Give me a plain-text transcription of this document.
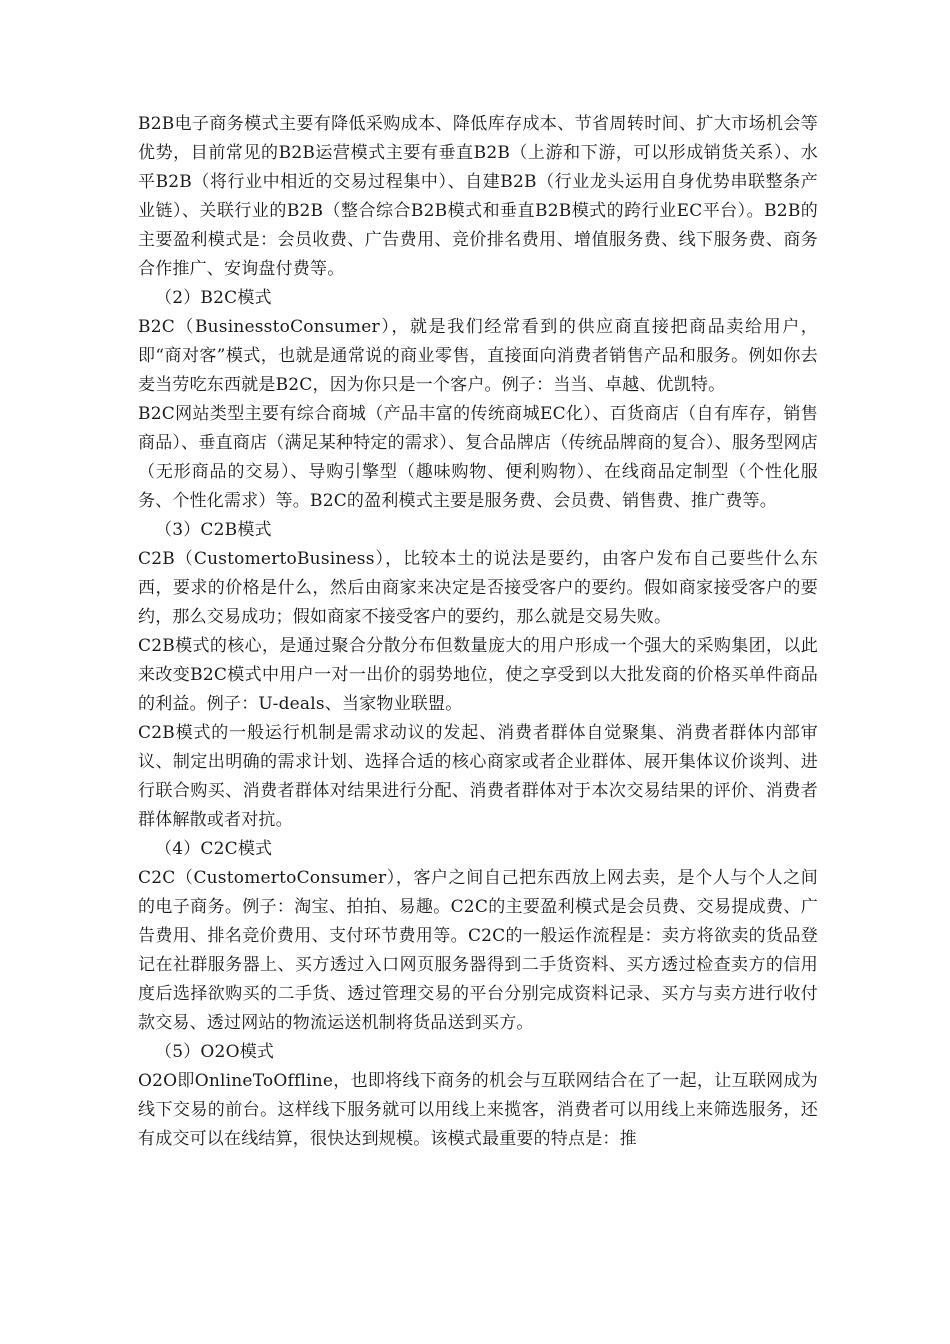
B2B电子商务模式主要有降低采购成本、降低库存成本、节省周转时间、扩大市场机会等优势，目前常见的B2B运营模式主要有垂直B2B（上游和下游，可以形成销货关系）、水平B2B（将行业中相近的交易过程集中）、自建B2B（行业龙头运用自身优势串联整条产业链）、关联行业的B2B（整合综合B2B模式和垂直B2B模式的跨行业EC平台）。B2B的主要盈利模式是：会员收费、广告费用、竞价排名费用、增值服务费、线下服务费、商务合作推广、安询盘付费等。

（2）B2C模式

B2C（BusinesstoConsumer），就是我们经常看到的供应商直接把商品卖给用户，即“商对客”模式，也就是通常说的商业零售，直接面向消费者销售产品和服务。例如你去麦当劳吃东西就是B2C，因为你只是一个客户。例子：当当、卓越、优凯特。

B2C网站类型主要有综合商城（产品丰富的传统商城EC化）、百货商店（自有库存，销售商品）、垂直商店（满足某种特定的需求）、复合品牌店（传统品牌商的复合）、服务型网店（无形商品的交易）、导购引擎型（趣味购物、便利购物）、在线商品定制型（个性化服务、个性化需求）等。B2C的盈利模式主要是服务费、会员费、销售费、推广费等。

（3）C2B模式

C2B（CustomertoBusiness），比较本土的说法是要约，由客户发布自己要些什么东西，要求的价格是什么，然后由商家来决定是否接受客户的要约。假如商家接受客户的要约，那么交易成功；假如商家不接受客户的要约，那么就是交易失败。

C2B模式的核心，是通过聚合分散分布但数量庞大的用户形成一个强大的采购集团，以此来改变B2C模式中用户一对一出价的弱势地位，使之享受到以大批发商的价格买单件商品的利益。例子：U-deals、当家物业联盟。

C2B模式的一般运行机制是需求动议的发起、消费者群体自觉聚集、消费者群体内部审议、制定出明确的需求计划、选择合适的核心商家或者企业群体、展开集体议价谈判、进行联合购买、消费者群体对结果进行分配、消费者群体对于本次交易结果的评价、消费者群体解散或者对抗。

（4）C2C模式

C2C（CustomertoConsumer），客户之间自己把东西放上网去卖，是个人与个人之间的电子商务。例子：淘宝、拍拍、易趣。C2C的主要盈利模式是会员费、交易提成费、广告费用、排名竞价费用、支付环节费用等。C2C的一般运作流程是：卖方将欲卖的货品登记在社群服务器上、买方透过入口网页服务器得到二手货资料、买方透过检查卖方的信用度后选择欲购买的二手货、透过管理交易的平台分别完成资料记录、买方与卖方进行收付款交易、透过网站的物流运送机制将货品送到买方。

（5）O2O模式

O2O即OnlineToOffline，也即将线下商务的机会与互联网结合在了一起，让互联网成为线下交易的前台。这样线下服务就可以用线上来揽客，消费者可以用线上来筛选服务，还有成交可以在线结算，很快达到规模。该模式最重要的特点是：推
